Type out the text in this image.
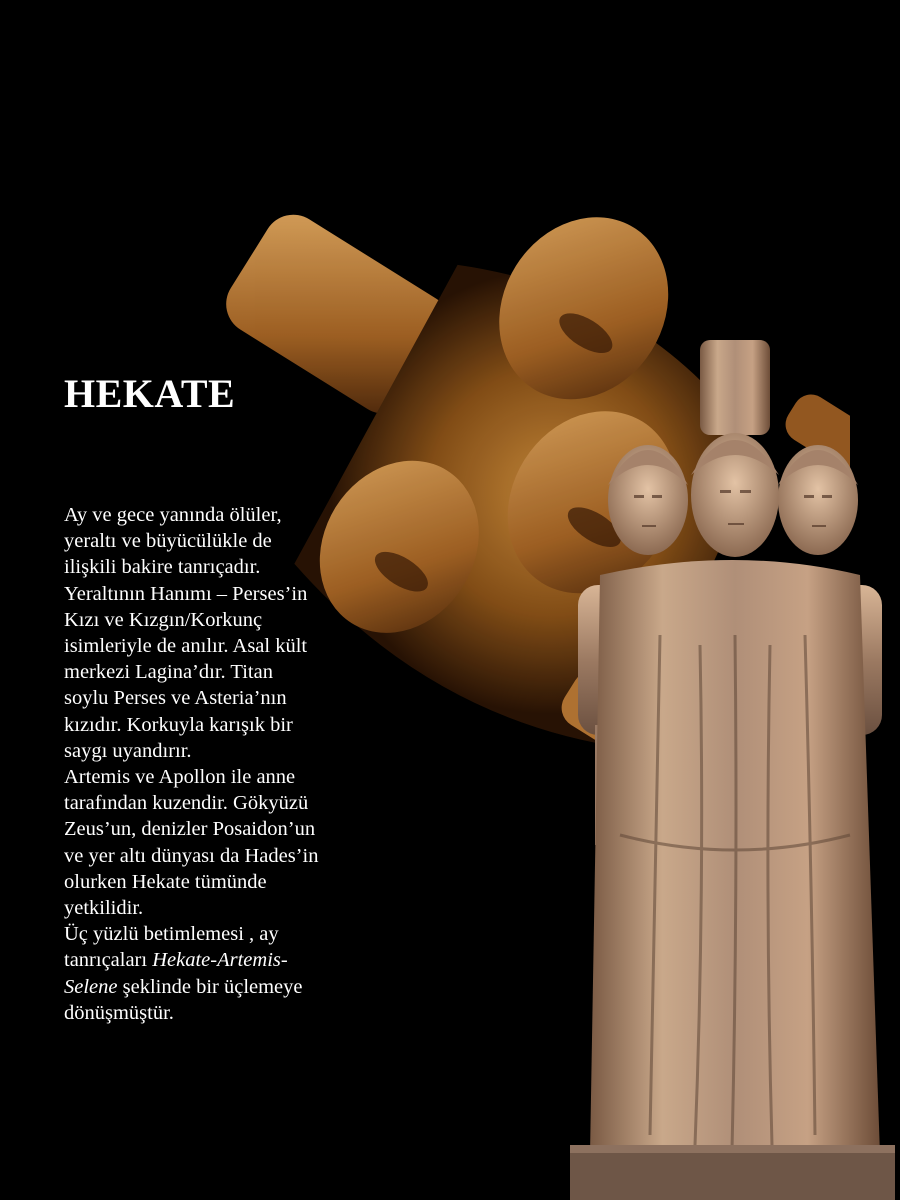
HEKATE
Ay ve gece yanında ölüler,
yeraltı ve büyücülükle de
ilişkili bakire tanrıçadır.
Yeraltının Hanımı – Perses’in
Kızı ve Kızgın/Korkunç
isimleriyle de anılır. Asal kült
merkezi Lagina’dır. Titan
soylu Perses ve Asteria’nın
kızıdır. Korkuyla karışık bir
saygı uyandırır.
Artemis ve Apollon ile anne
tarafından kuzendir. Gökyüzü
Zeus’un, denizler Posaidon’un
ve yer altı dünyası da Hades’in
olurken Hekate tümünde
yetkilidir.
Üç yüzlü betimlemesi , ay
tanrıçaları Hekate-Artemis-
Selene şeklinde bir üçlemeye
dönüşmüştür.
